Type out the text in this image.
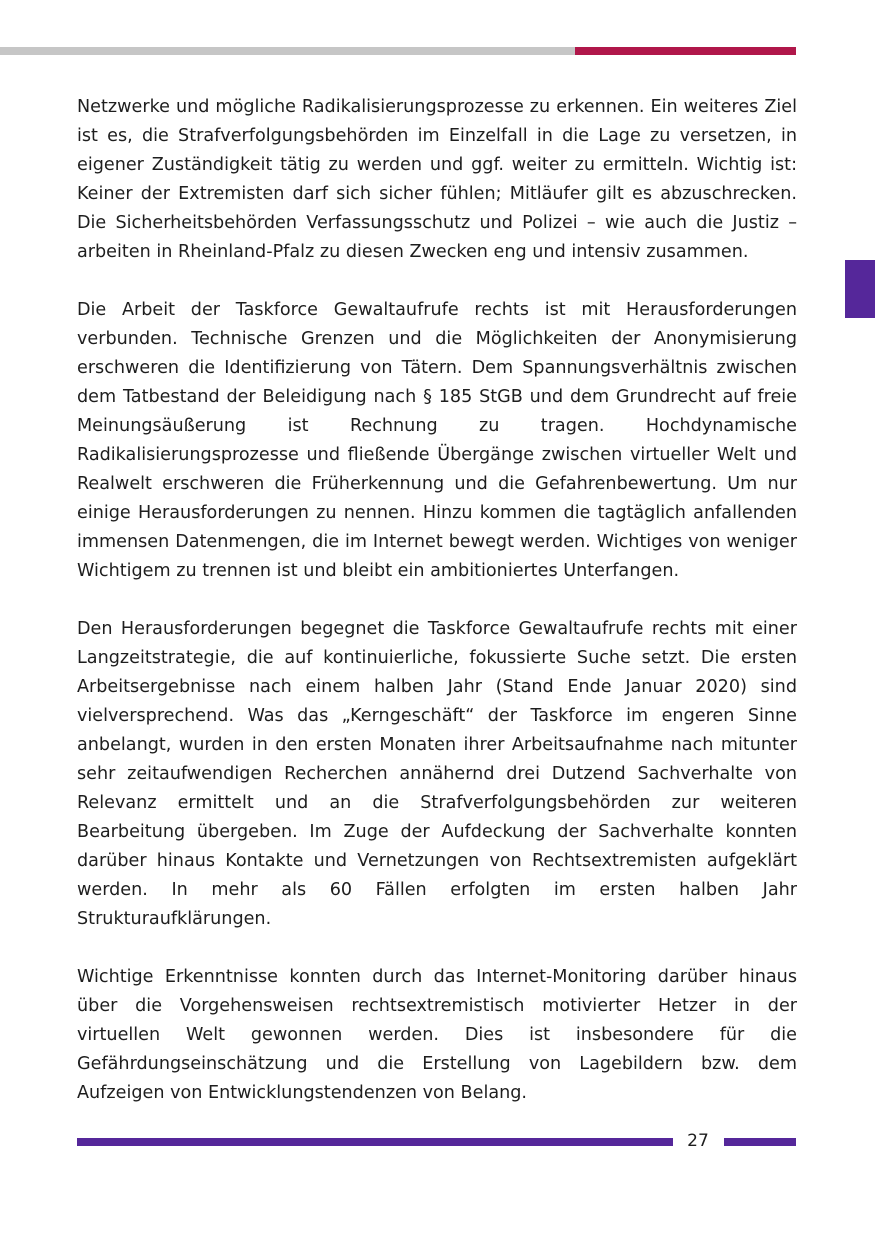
Netzwerke und mögliche Radikalisierungsprozesse zu erkennen. Ein weiteres Ziel ist es, die Strafverfolgungsbehörden im Einzelfall in die Lage zu versetzen, in eigener Zuständigkeit tätig zu werden und ggf. weiter zu ermitteln. Wichtig ist: Keiner der Extremisten darf sich sicher fühlen; Mitläufer gilt es abzuschrecken. Die Sicherheitsbehörden Verfassungsschutz und Polizei – wie auch die Justiz – arbeiten in Rheinland-Pfalz zu diesen Zwecken eng und intensiv zusammen.

Die Arbeit der Taskforce Gewaltaufrufe rechts ist mit Herausforderungen verbunden. Technische Grenzen und die Möglichkeiten der Anonymisierung erschweren die Identifizierung von Tätern. Dem Spannungsverhältnis zwischen dem Tatbestand der Beleidigung nach § 185 StGB und dem Grundrecht auf freie Meinungsäußerung ist Rechnung zu tragen. Hochdynamische Radikalisierungsprozesse und fließende Übergänge zwischen virtueller Welt und Realwelt erschweren die Früherkennung und die Gefahrenbewertung. Um nur einige Herausforderungen zu nennen. Hinzu kommen die tagtäglich anfallenden immensen Datenmengen, die im Internet bewegt werden. Wichtiges von weniger Wichtigem zu trennen ist und bleibt ein ambitioniertes Unterfangen.

Den Herausforderungen begegnet die Taskforce Gewaltaufrufe rechts mit einer Langzeitstrategie, die auf kontinuierliche, fokussierte Suche setzt. Die ersten Arbeitsergebnisse nach einem halben Jahr (Stand Ende Januar 2020) sind vielversprechend. Was das „Kerngeschäft“ der Taskforce im engeren Sinne anbelangt, wurden in den ersten Monaten ihrer Arbeitsaufnahme nach mitunter sehr zeitaufwendigen Recherchen annähernd drei Dutzend Sachverhalte von Relevanz ermittelt und an die Strafverfolgungsbehörden zur weiteren Bearbeitung übergeben. Im Zuge der Aufdeckung der Sachverhalte konnten darüber hinaus Kontakte und Vernetzungen von Rechtsextremisten aufgeklärt werden. In mehr als 60 Fällen erfolgten im ersten halben Jahr Strukturaufklärungen.

Wichtige Erkenntnisse konnten durch das Internet-Monitoring darüber hinaus über die Vorgehensweisen rechtsextremistisch motivierter Hetzer in der virtuellen Welt gewonnen werden. Dies ist insbesondere für die Gefährdungseinschätzung und die Erstellung von Lagebildern bzw. dem Aufzeigen von Entwicklungstendenzen von Belang.

27
